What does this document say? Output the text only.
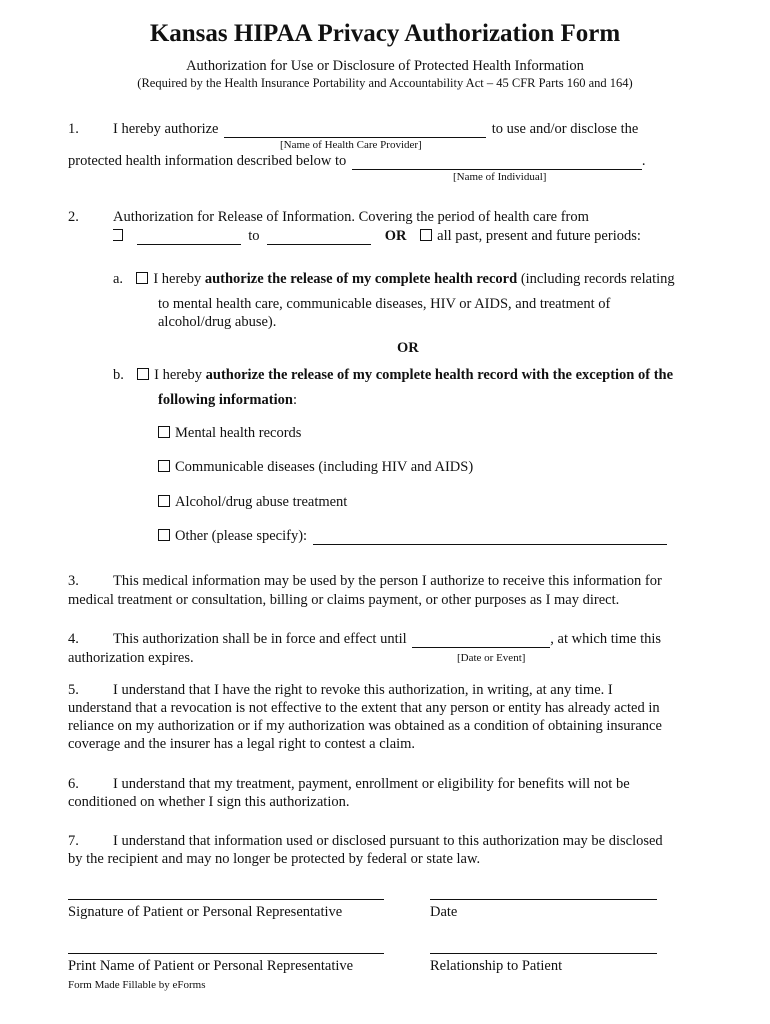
Kansas HIPAA Privacy Authorization Form
Authorization for Use or Disclosure of Protected Health Information
(Required by the Health Insurance Portability and Accountability Act – 45 CFR Parts 160 and 164)
1. I hereby authorize	to use and/or disclose the
[Name of Health Care Provider]
protected health information described below to	.
[Name of Individual]
2. Authorization for Release of Information. Covering the period of health care from
to	OR all past, present and future periods:
a. I hereby authorize the release of my complete health record (including records relating
to mental health care, communicable diseases, HIV or AIDS, and treatment of
alcohol/drug abuse).
OR
b. I hereby authorize the release of my complete health record with the exception of the
following information:
Mental health records
Communicable diseases (including HIV and AIDS)
Alcohol/drug abuse treatment
Other (please specify):
3. This medical information may be used by the person I authorize to receive this information for
medical treatment or consultation, billing or claims payment, or other purposes as I may direct.
4. This authorization shall be in force and effect until	, at which time this
authorization expires.	[Date or Event]
5. I understand that I have the right to revoke this authorization, in writing, at any time. I
understand that a revocation is not effective to the extent that any person or entity has already acted in
reliance on my authorization or if my authorization was obtained as a condition of obtaining insurance
coverage and the insurer has a legal right to contest a claim.
6. I understand that my treatment, payment, enrollment or eligibility for benefits will not be
conditioned on whether I sign this authorization.
7. I understand that information used or disclosed pursuant to this authorization may be disclosed
by the recipient and may no longer be protected by federal or state law.
Signature of Patient or Personal Representative	Date
Print Name of Patient or Personal Representative	Relationship to Patient
Form Made Fillable by eForms
